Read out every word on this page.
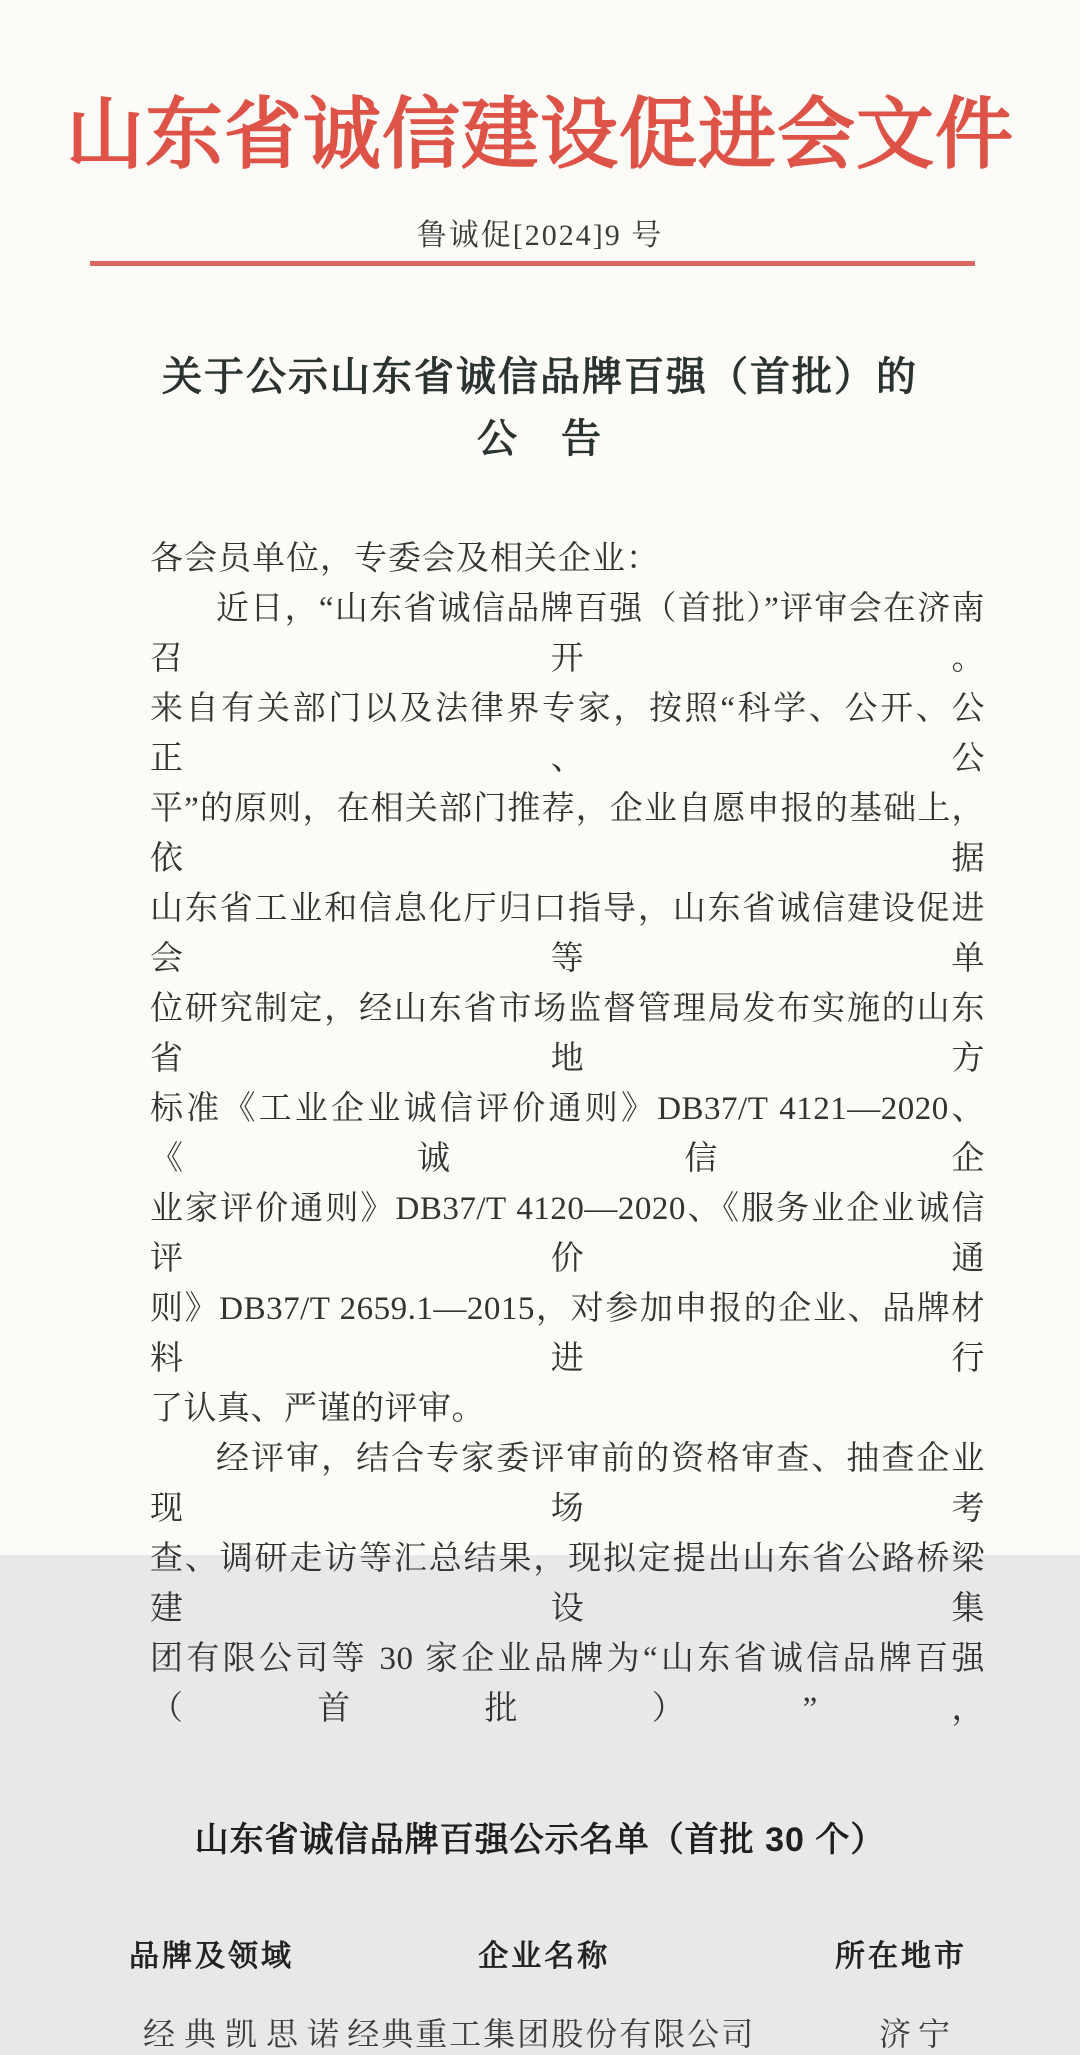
山东省诚信建设促进会文件
鲁诚促[2024]9 号
关于公示山东省诚信品牌百强（首批）的
公　告
各会员单位，专委会及相关企业：
近日，“山东省诚信品牌百强（首批）”评审会在济南召开。
来自有关部门以及法律界专家，按照“科学、公开、公正、公
平”的原则，在相关部门推荐，企业自愿申报的基础上，依据
山东省工业和信息化厅归口指导，山东省诚信建设促进会等单
位研究制定，经山东省市场监督管理局发布实施的山东省地方
标准《工业企业诚信评价通则》DB37/T 4121—2020、《诚信企
业家评价通则》DB37/T 4120—2020、《服务业企业诚信评价通
则》DB37/T 2659.1—2015，对参加申报的企业、品牌材料进行
了认真、严谨的评审。
经评审，结合专家委评审前的资格审查、抽查企业现场考
查、调研走访等汇总结果，现拟定提出山东省公路桥梁建设集
团有限公司等 30 家企业品牌为“山东省诚信品牌百强（首批）”，
山东省诚信品牌百强公示名单（首批 30 个）
品牌及领域	企业名称	所在地市
经典凯思诺 经典重工集团股份有限公司	济宁
